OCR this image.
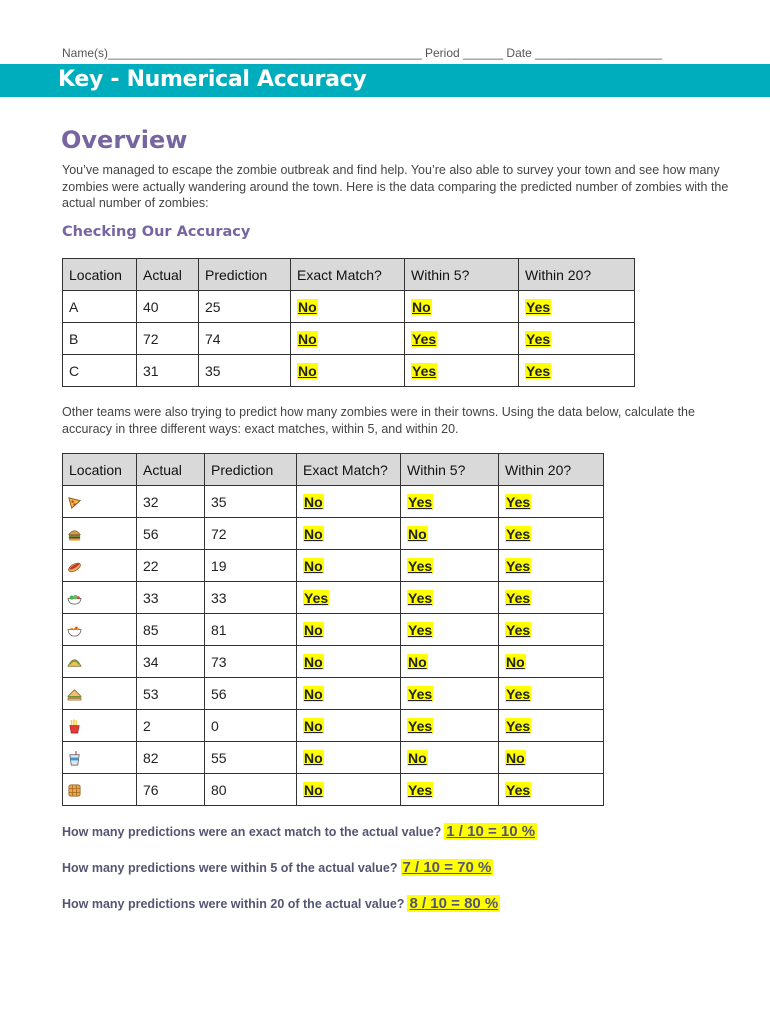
Name(s)_______________________________________________ Period ______ Date ___________________
Key - Numerical Accuracy
Overview
You’ve managed to escape the zombie outbreak and find help. You’re also able to survey your town and see how many zombies were actually wandering around the town. Here is the data comparing the predicted number of zombies with the actual number of zombies:
Checking Our Accuracy
Location	Actual	Prediction	Exact Match?	Within 5?	Within 20?
A	40	25	No	No	Yes
B	72	74	No	Yes	Yes
C	31	35	No	Yes	Yes
Other teams were also trying to predict how many zombies were in their towns. Using the data below, calculate the accuracy in three different ways: exact matches, within 5, and within 20.
Location	Actual	Prediction	Exact Match?	Within 5?	Within 20?
	32	35	No	Yes	Yes
	56	72	No	No	Yes
	22	19	No	Yes	Yes
	33	33	Yes	Yes	Yes
	85	81	No	Yes	Yes
	34	73	No	No	No
	53	56	No	Yes	Yes
	2	0	No	Yes	Yes
	82	55	No	No	No
	76	80	No	Yes	Yes
How many predictions were an exact match to the actual value? 1 / 10 = 10 %
How many predictions were within 5 of the actual value? 7 / 10 = 70 %
How many predictions were within 20 of the actual value? 8 / 10 = 80 %
